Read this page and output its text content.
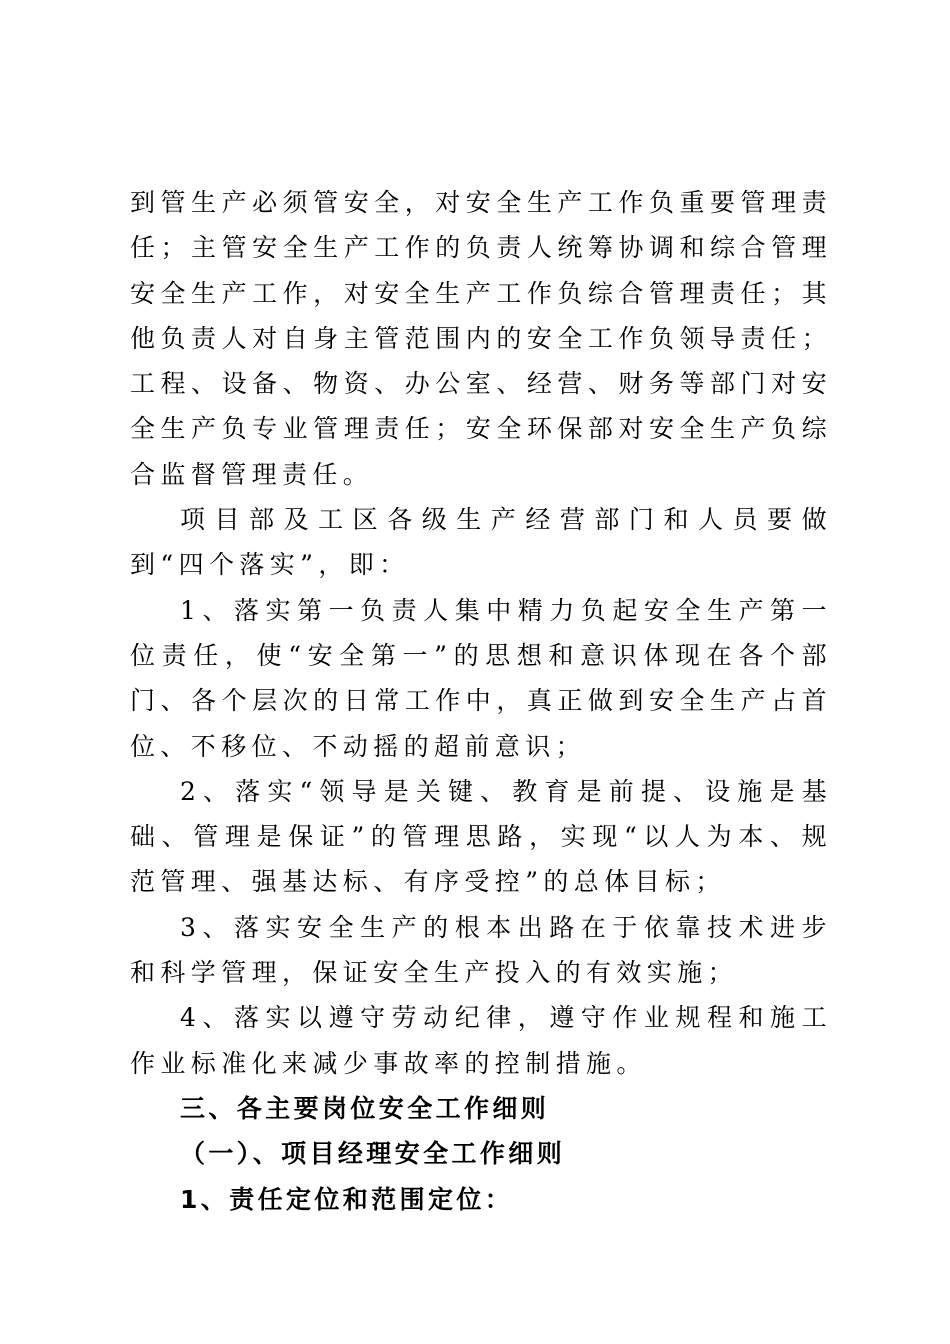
到管生产必须管安全，对安全生产工作负重要管理责任；主管安全生产工作的负责人统筹协调和综合管理安全生产工作，对安全生产工作负综合管理责任；其他负责人对自身主管范围内的安全工作负领导责任；工程、设备、物资、办公室、经营、财务等部门对安全生产负专业管理责任；安全环保部对安全生产负综合监督管理责任。

项目部及工区各级生产经营部门和人员要做到“四个落实”，即：

1、落实第一负责人集中精力负起安全生产第一位责任，使“安全第一”的思想和意识体现在各个部门、各个层次的日常工作中，真正做到安全生产占首位、不移位、不动摇的超前意识；

2、落实“领导是关键、教育是前提、设施是基础、管理是保证”的管理思路，实现“以人为本、规范管理、强基达标、有序受控”的总体目标；

3、落实安全生产的根本出路在于依靠技术进步和科学管理，保证安全生产投入的有效实施；

4、落实以遵守劳动纪律，遵守作业规程和施工作业标准化来减少事故率的控制措施。

三、各主要岗位安全工作细则

（一）、项目经理安全工作细则

1、责任定位和范围定位：
